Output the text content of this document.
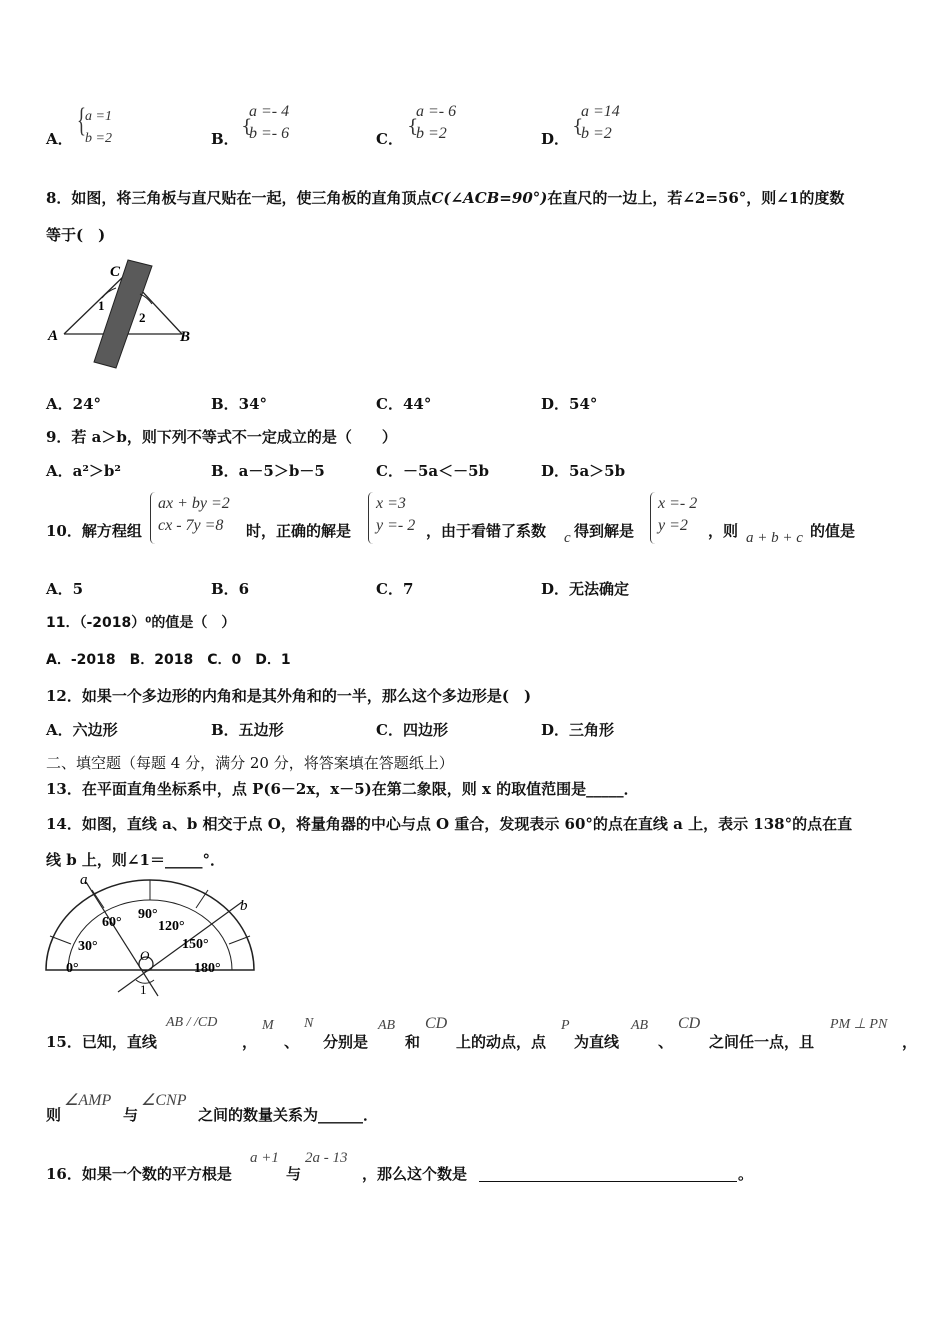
A． { a =1
b =2	B．
{
a =- 4
b =- 6	C．
{
a =- 6
b =2	D．
{
a =14
b =2
8．如图，将三角板与直尺贴在一起，使三角板的直角顶点C(∠ACB=90°)在直尺的一边上，若∠2=56°，则∠1的度数
等于(　)
C
A	B
1
2
A．24°	B．34°	C．44°	D．54°
9．若 a＞b，则下列不等式不一定成立的是（　　）
A．a²＞b²	B．a－5＞b－5	C．－5a＜－5b	D．5a＞5b
10．解方程组
ax + by =2
cx - 7y =8	时，正确的解是
x =3
y =- 2 ，由于看错了系数 c 得到解是
x =- 2
y =2	，则 a + b + c 的值是
A．5	B．6	C．7	D．无法确定
11．（-2018）⁰的值是（　）
A．-2018　B．2018　C．0　D．1
12．如果一个多边形的内角和是其外角和的一半，那么这个多边形是(　)
A．六边形	B．五边形	C．四边形	D．三角形
二、填空题（每题 4 分，满分 20 分，将答案填在答题纸上）
13．在平面直角坐标系中，点 P(6－2x，x－5)在第二象限，则 x 的取值范围是_____．
14．如图，直线 a、b 相交于点 O，将量角器的中心与点 O 重合，发现表示 60°的点在直线 a 上，表示 138°的点在直
线 b 上，则∠1＝_____°．
a
b
0°
30°
60°
90°
120°
150°
180°
O
1
15．已知，直线
AB / /CD
，
M
、
N
分别是
AB
和
CD
上的动点，点
P
为直线
AB
、
CD
之间任一点，且
PM ⊥ PN
，
则
∠AMP
与
∠CNP
之间的数量关系为______．
16．如果一个数的平方根是
a +1
与
2a - 13
，那么这个数是	。
